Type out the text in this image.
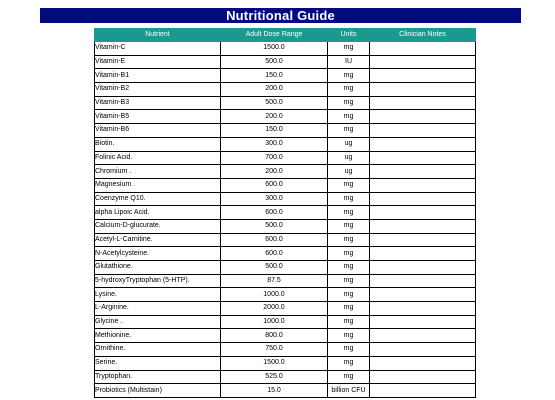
Nutritional Guide
Nutrient	Adult Dose Range	Units	Clinician Notes
Vitamin-C	1500.0	mg	
Vitamin-E	500.0	IU	
Vitamin-B1	150.0	mg	
Vitamin-B2	200.0	mg	
Vitamin-B3	500.0	mg	
Vitamin-B5	200.0	mg	
Vitamin-B6	150.0	mg	
Biotin.	300.0	ug	
Folinic Acid.	700.0	ug	
Chromium .	200.0	ug	
Magnesium .	600.0	mg	
Coenzyme Q10.	300.0	mg	
alpha Lipoic Acid.	600.0	mg	
Calcium-D-glucurate.	500.0	mg	
Acetyl-L-Carnitine.	600.0	mg	
N-Acetylcysteine.	600.0	mg	
Glutathione.	500.0	mg	
5-hydroxyTryptophan (5-HTP).	87.5	mg	
Lysine.	1000.0	mg	
L-Arginine.	2000.0	mg	
Glycine .	1000.0	mg	
Methionine.	800.0	mg	
Ornithine.	750.0	mg	
Serine.	1500.0	mg	
Tryptophan.	525.0	mg	
Probiotics (Multistain)	15.0	billion CFU	
